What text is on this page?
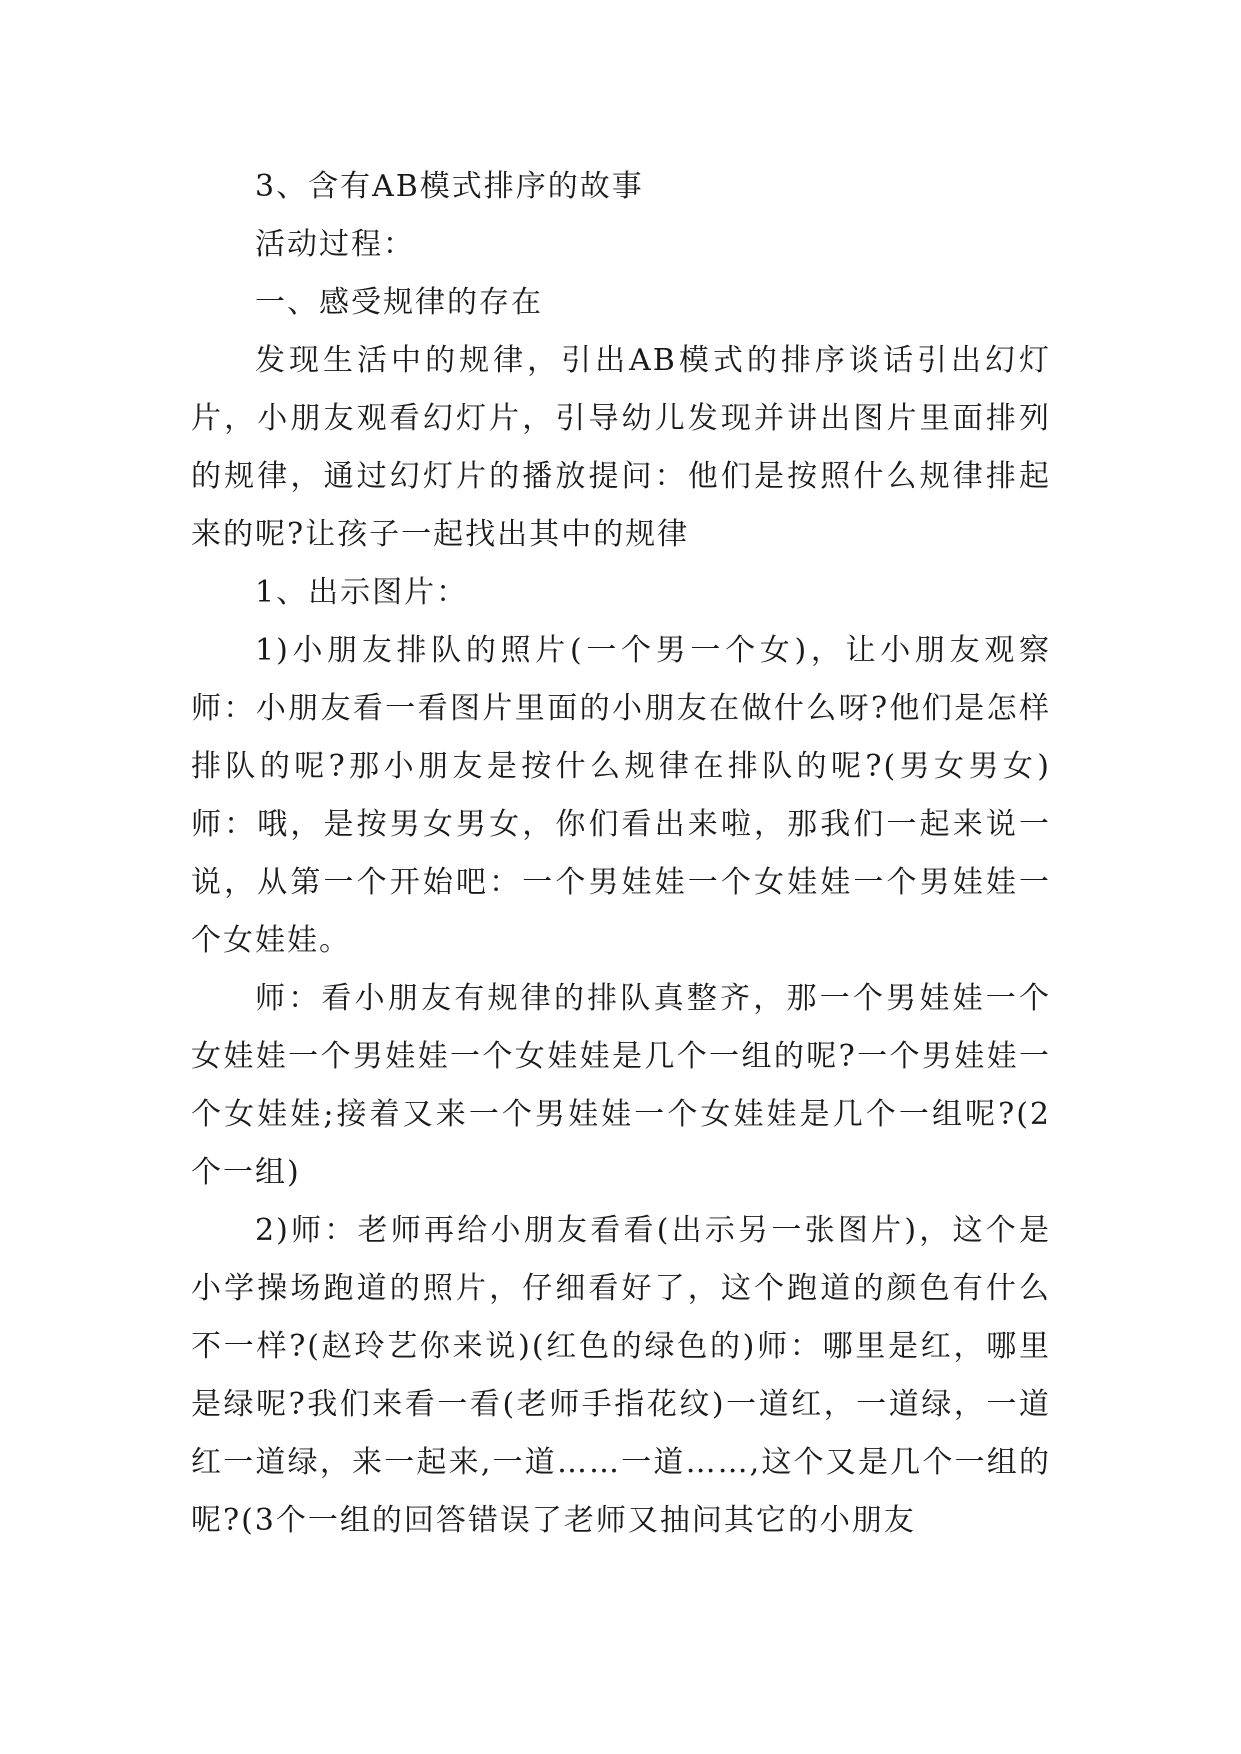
3、含有AB模式排序的故事

活动过程：

一、感受规律的存在

发现生活中的规律，引出AB模式的排序谈话引出幻灯片，小朋友观看幻灯片，引导幼儿发现并讲出图片里面排列的规律，通过幻灯片的播放提问：他们是按照什么规律排起来的呢?让孩子一起找出其中的规律

1、出示图片：

1)小朋友排队的照片(一个男一个女)，让小朋友观察师：小朋友看一看图片里面的小朋友在做什么呀?他们是怎样排队的呢?那小朋友是按什么规律在排队的呢?(男女男女)师：哦，是按男女男女，你们看出来啦，那我们一起来说一说，从第一个开始吧：一个男娃娃一个女娃娃一个男娃娃一个女娃娃。

师：看小朋友有规律的排队真整齐，那一个男娃娃一个女娃娃一个男娃娃一个女娃娃是几个一组的呢?一个男娃娃一个女娃娃;接着又来一个男娃娃一个女娃娃是几个一组呢?(2个一组)

2)师：老师再给小朋友看看(出示另一张图片)，这个是小学操场跑道的照片，仔细看好了，这个跑道的颜色有什么不一样?(赵玲艺你来说)(红色的绿色的)师：哪里是红，哪里是绿呢?我们来看一看(老师手指花纹)一道红，一道绿，一道红一道绿，来一起来,一道……一道……,这个又是几个一组的呢?(3个一组的回答错误了老师又抽问其它的小朋友
